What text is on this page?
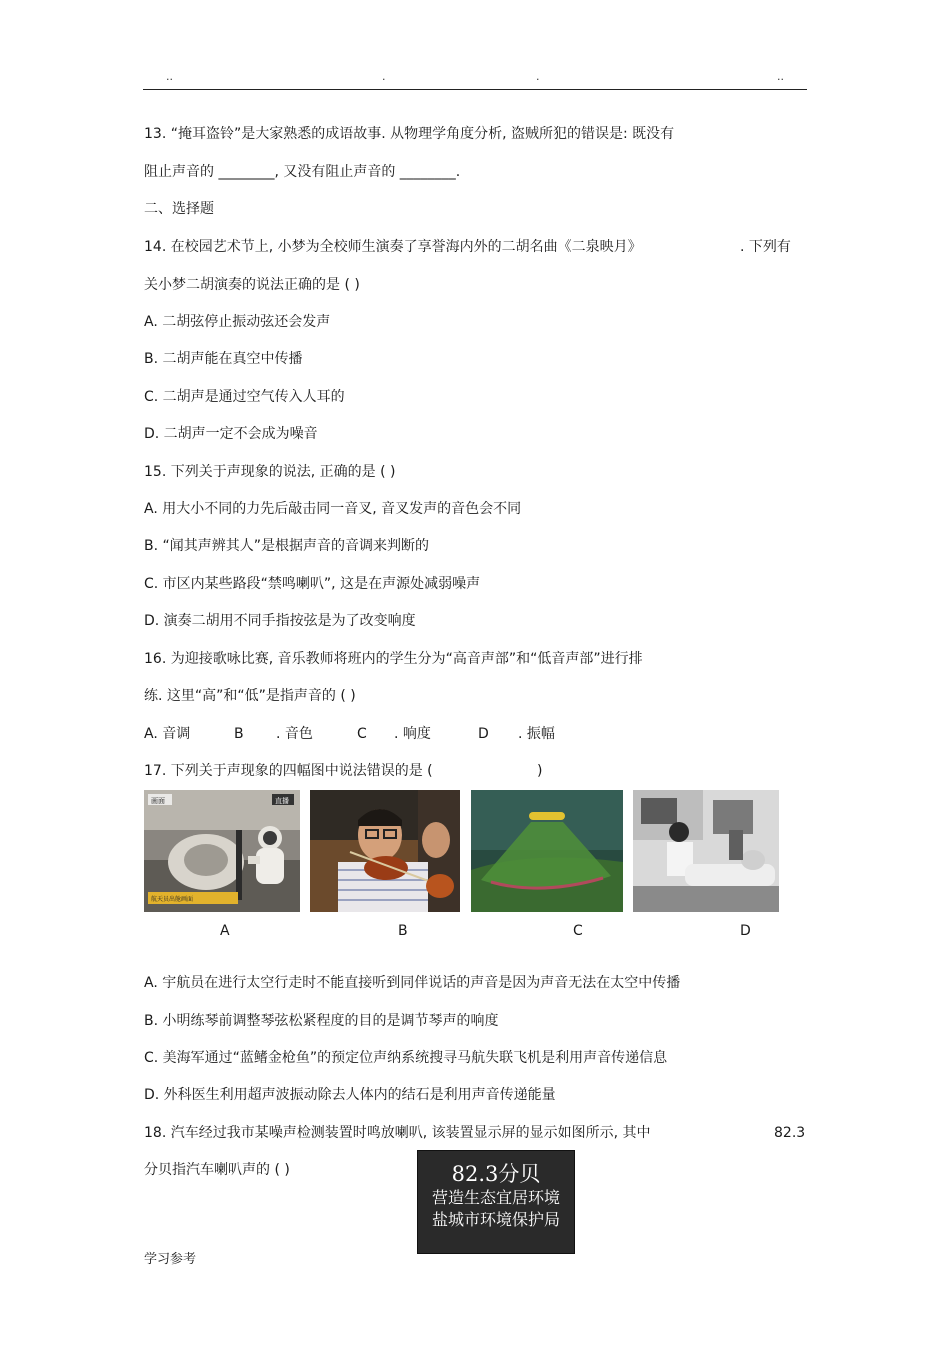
..	.	.	..
13. “掩耳盗铃”是大家熟悉的成语故事. 从物理学角度分析, 盗贼所犯的错误是: 既没有
阻止声音的 ________, 又没有阻止声音的 ________.
二、选择题
14. 在校园艺术节上, 小梦为全校师生演奏了享誉海内外的二胡名曲《二泉映月》	. 下列有
关小梦二胡演奏的说法正确的是 ( )
A. 二胡弦停止振动弦还会发声
B. 二胡声能在真空中传播
C. 二胡声是通过空气传入人耳的
D. 二胡声一定不会成为噪音
15. 下列关于声现象的说法, 正确的是 ( )
A. 用大小不同的力先后敲击同一音叉, 音叉发声的音色会不同
B. “闻其声辨其人”是根据声音的音调来判断的
C. 市区内某些路段“禁鸣喇叭”, 这是在声源处减弱噪声
D. 演奏二胡用不同手指按弦是为了改变响度
16. 为迎接歌咏比赛, 音乐教师将班内的学生分为“高音声部”和“低音声部”进行排
练. 这里“高”和“低”是指声音的 ( )
A. 音调	B . 音色	C . 响度	D . 振幅
17. 下列关于声现象的四幅图中说法错误的是 (	)
画面	直播
航天员出舱画面
A	B	C	D
A. 宇航员在进行太空行走时不能直接听到同伴说话的声音是因为声音无法在太空中传播
B. 小明练琴前调整琴弦松紧程度的目的是调节琴声的响度
C. 美海军通过“蓝鳍金枪鱼”的预定位声纳系统搜寻马航失联飞机是利用声音传递信息
D. 外科医生利用超声波振动除去人体内的结石是利用声音传递能量
18. 汽车经过我市某噪声检测装置时鸣放喇叭, 该装置显示屏的显示如图所示, 其中	82.3
分贝指汽车喇叭声的 ( )	82.3分贝
营造生态宜居环境
盐城市环境保护局
学习参考
